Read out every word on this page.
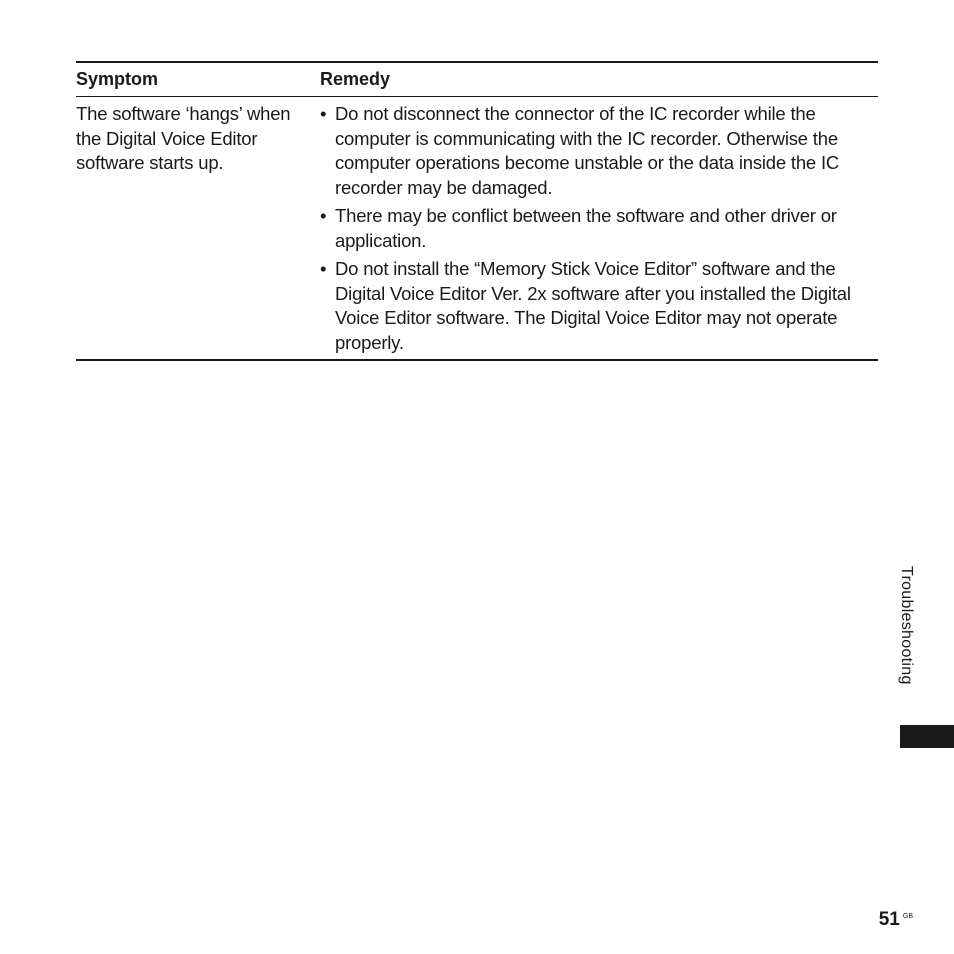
Symptom	Remedy
The software ‘hangs’ when the Digital Voice Editor software starts up.
• Do not disconnect the connector of the IC recorder while the computer is communicating with the IC recorder. Otherwise the computer operations become unstable or the data inside the IC recorder may be damaged.
• There may be conflict between the software and other driver or application.
• Do not install the “Memory Stick Voice Editor” software and the Digital Voice Editor Ver. 2x software after you installed the Digital Voice Editor software. The Digital Voice Editor may not operate properly.
Troubleshooting
51 GB
